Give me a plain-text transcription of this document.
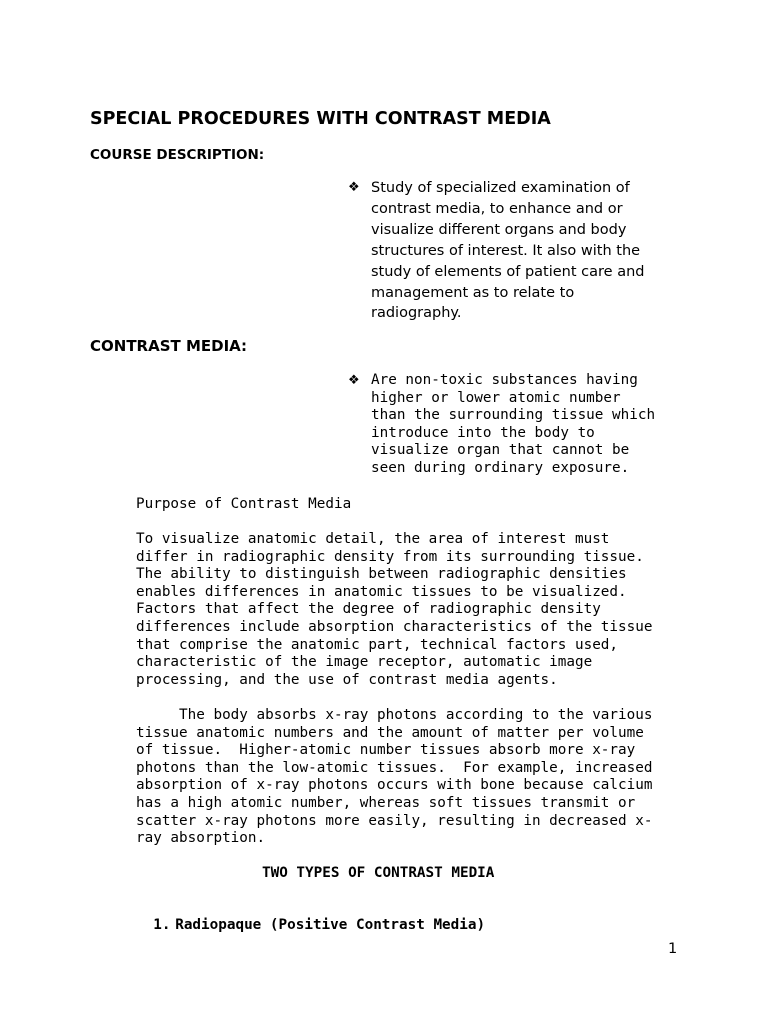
SPECIAL PROCEDURES WITH CONTRAST MEDIA
COURSE DESCRIPTION:
❖ Study of specialized examination of
contrast media, to enhance and or
visualize different organs and body
structures of interest. It also with the
study of elements of patient care and
management as to relate to
radiography.
CONTRAST MEDIA:
❖ Are non-toxic substances having
higher or lower atomic number
than the surrounding tissue which
introduce into the body to
visualize organ that cannot be
seen during ordinary exposure.
Purpose of Contrast Media
To visualize anatomic detail, the area of interest must
differ in radiographic density from its surrounding tissue.
The ability to distinguish between radiographic densities
enables differences in anatomic tissues to be visualized.
Factors that affect the degree of radiographic density
differences include absorption characteristics of the tissue
that comprise the anatomic part, technical factors used,
characteristic of the image receptor, automatic image
processing, and the use of contrast media agents.
The body absorbs x-ray photons according to the various
tissue anatomic numbers and the amount of matter per volume
of tissue.  Higher-atomic number tissues absorb more x-ray
photons than the low-atomic tissues.  For example, increased
absorption of x-ray photons occurs with bone because calcium
has a high atomic number, whereas soft tissues transmit or
scatter x-ray photons more easily, resulting in decreased x-
ray absorption.
TWO TYPES OF CONTRAST MEDIA

1. Radiopaque (Positive Contrast Media)

1
